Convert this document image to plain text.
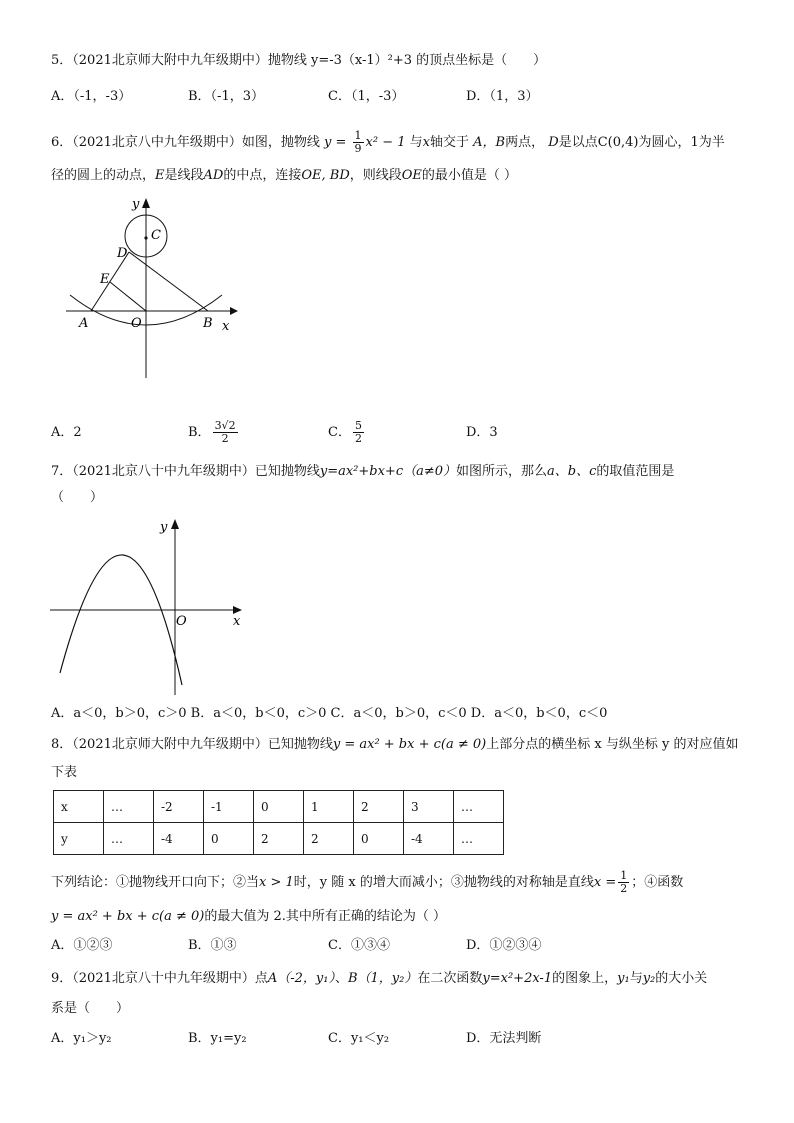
5．（2021北京师大附中九年级期中）抛物线 y=-3（x-1）²+3 的顶点坐标是（　　）
A．（-1，-3）	B．（-1，3）	C．（1，-3）	D．（1，3）
6．（2021北京八中九年级期中）如图，抛物线 $y = \frac{1}{9} x^2 - 1$ 与x轴交于 A，B两点， D是以点C(0,4)为圆心，1为半
径的圆上的动点，E是线段AD的中点，连接OE, BD，则线段OE的最小值是（ ）
y
C
D
E
A	O	B x
A．2	B． $\frac{3√2}{2}$	C． $\frac{5}{2}$	D．3
7．（2021北京八十中九年级期中）已知抛物线y=ax²+bx+c（a≠0）如图所示，那么a、b、c的取值范围是
（　　）
y
O	x
A．a＜0，b＞0，c＞0 B．a＜0，b＜0，c＞0 C．a＜0，b＞0，c＜0 D．a＜0，b＜0，c＜0
8．（2021北京师大附中九年级期中）已知抛物线y = ax² + bx + c(a ≠ 0)上部分点的横坐标 x 与纵坐标 y 的对应值如
下表
x	…	-2	-1	0	1	2	3	…
y	…	-4	0	2	2	0	-4	…
下列结论：①抛物线开口向下；②当x > 1时，y 随 x 的增大而减小；③抛物线的对称轴是直线$x = \frac{1}{2}$ ；④函数
y = ax² + bx + c(a ≠ 0)的最大值为 2.其中所有正确的结论为（ ）
A．①②③	B．①③	C．①③④	D．①②③④
9．（2021北京八十中九年级期中）点A（-2，y₁）、B（1，y₂）在二次函数y=x²+2x-1的图象上，y₁与y₂的大小关
系是（　　）
A．y₁＞y₂	B．y₁=y₂	C．y₁＜y₂	D．无法判断
